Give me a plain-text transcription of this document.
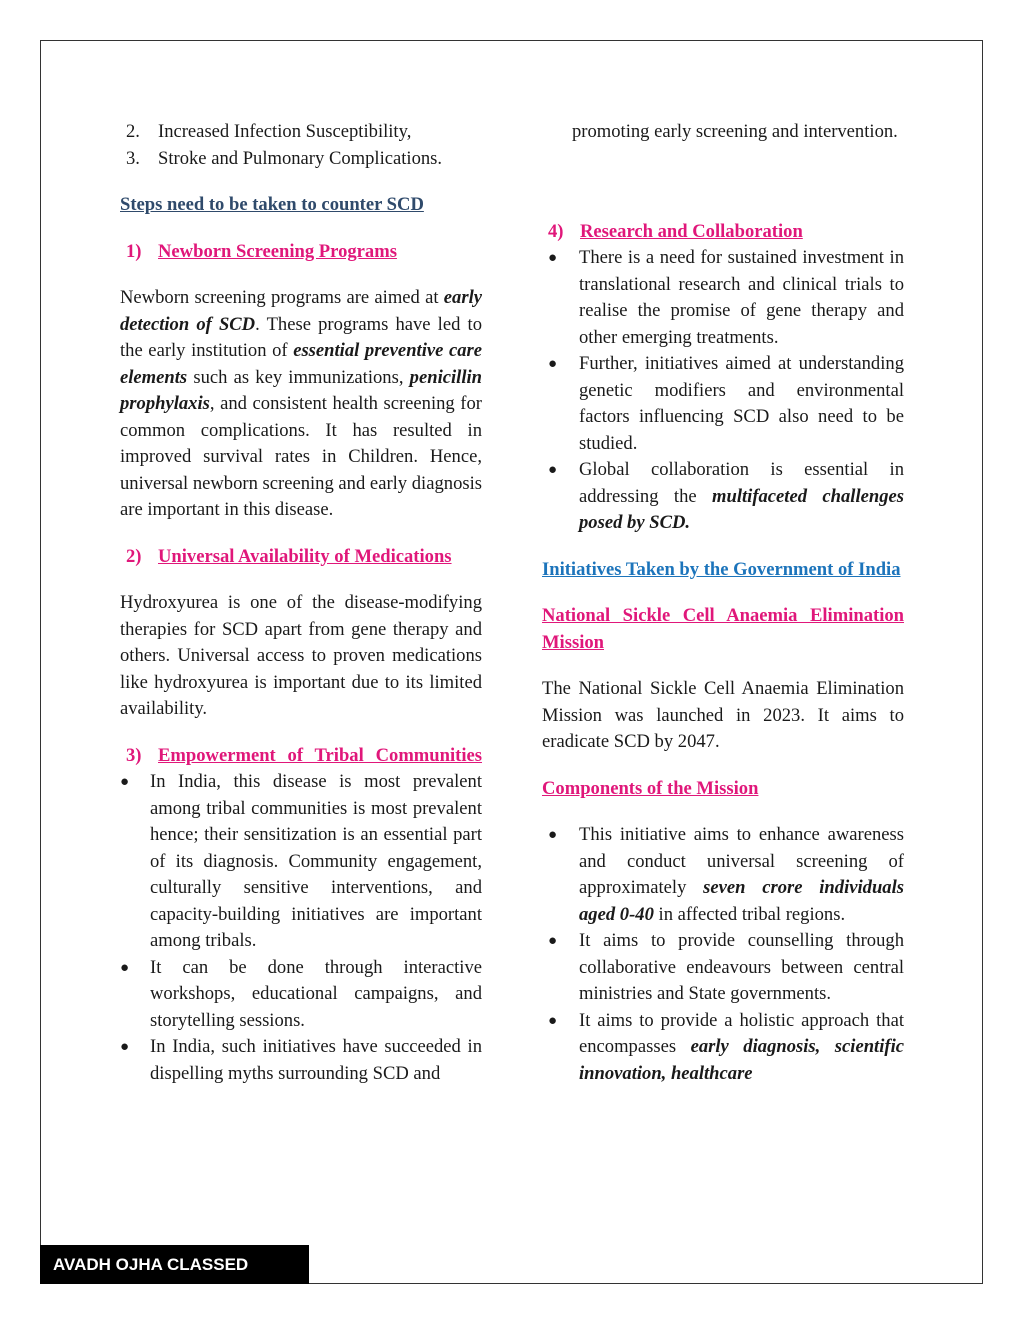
2. Increased Infection Susceptibility,
3. Stroke and Pulmonary Complications.

Steps need to be taken to counter SCD

1) Newborn Screening Programs

Newborn screening programs are aimed at early detection of SCD. These programs have led to the early institution of essential preventive care elements such as key immunizations, penicillin prophylaxis, and consistent health screening for common complications. It has resulted in improved survival rates in Children. Hence, universal newborn screening and early diagnosis are important in this disease.

2) Universal Availability of Medications

Hydroxyurea is one of the disease-modifying therapies for SCD apart from gene therapy and others. Universal access to proven medications like hydroxyurea is important due to its limited availability.

3) Empowerment of Tribal Communities
● In India, this disease is most prevalent among tribal communities is most prevalent hence; their sensitization is an essential part of its diagnosis. Community engagement, culturally sensitive interventions, and capacity-building initiatives are important among tribals.
● It can be done through interactive workshops, educational campaigns, and storytelling sessions.
● In India, such initiatives have succeeded in dispelling myths surrounding SCD and

promoting early screening and intervention.

4) Research and Collaboration
● There is a need for sustained investment in translational research and clinical trials to realise the promise of gene therapy and other emerging treatments.
● Further, initiatives aimed at understanding genetic modifiers and environmental factors influencing SCD also need to be studied.
● Global collaboration is essential in addressing the multifaceted challenges posed by SCD.

Initiatives Taken by the Government of India

National Sickle Cell Anaemia Elimination Mission

The National Sickle Cell Anaemia Elimination Mission was launched in 2023. It aims to eradicate SCD by 2047.

Components of the Mission

● This initiative aims to enhance awareness and conduct universal screening of approximately seven crore individuals aged 0-40 in affected tribal regions.
● It aims to provide counselling through collaborative endeavours between central ministries and State governments.
● It aims to provide a holistic approach that encompasses early diagnosis, scientific innovation, healthcare
AVADH OJHA CLASSED
